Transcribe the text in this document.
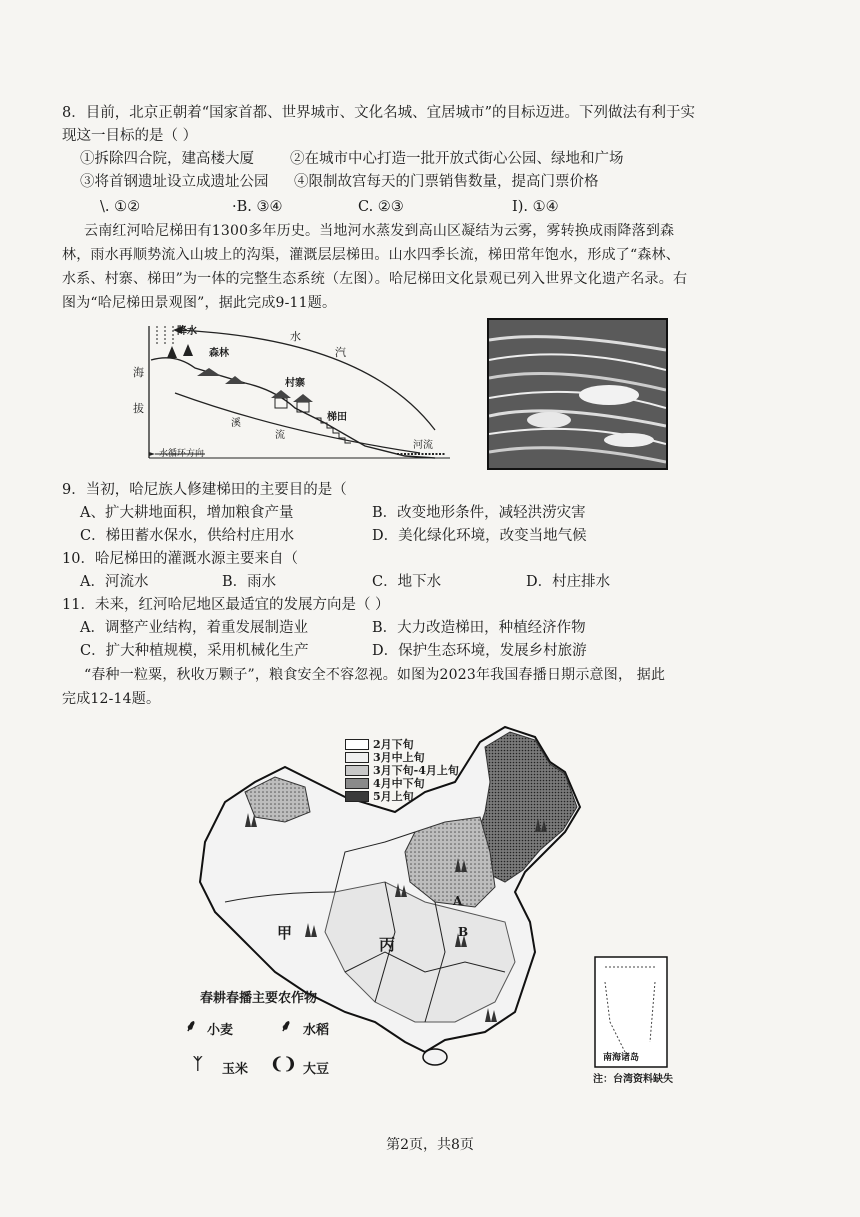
8．目前，北京正朝着“国家首都、世界城市、文化名城、宜居城市”的目标迈进。下列做法有利于实
现这一目标的是（ ）
①拆除四合院，建高楼大厦 ②在城市中心打造一批开放式街心公园、绿地和广场
③将首钢遗址设立成遗址公园 ④限制故宫每天的门票销售数量，提高门票价格
\. ①②	·B. ③④	C. ②③	I). ①④
云南红河哈尼梯田有1300多年历史。当地河水蒸发到高山区凝结为云雾，雾转换成雨降落到森
林，雨水再顺势流入山坡上的沟渠，灌溉层层梯田。山水四季长流，梯田常年饱水，形成了“森林、
水系、村寨、梯田”为一体的完整生态系统（左图）。哈尼梯田文化景观已列入世界文化遗产名录。右
图为“哈尼梯田景观图”，据此完成9-11题。
降水
森林
水
汽
海
拔
村寨
溪
流
梯田
河流
水循环方向
9．当初，哈尼族人修建梯田的主要目的是（
A、扩大耕地面积，增加粮食产量	B．改变地形条件，减轻洪涝灾害
C．梯田蓄水保水，供给村庄用水	D．美化绿化环境，改变当地气候
10．哈尼梯田的灌溉水源主要来自（
A．河流水	B．雨水	C．地下水	D．村庄排水
11．未来，红河哈尼地区最适宜的发展方向是（ ）
A．调整产业结构，着重发展制造业	B．大力改造梯田，种植经济作物
C．扩大种植规模，采用机械化生产	D．保护生态环境，发展乡村旅游
“春种一粒粟，秋收万颗子”，粮食安全不容忽视。如图为2023年我国春播日期示意图， 据此
完成12-14题。
2月下旬
3月中上旬
3月下旬-4月上旬
4月中下旬
5月上旬
甲
丙
A
B
春耕春播主要农作物
⸙ 小麦	⸙ 水稻
ᛉ 玉米 ❨❩ 大豆
南海诸岛
注：台湾资料缺失
第2页，共8页
